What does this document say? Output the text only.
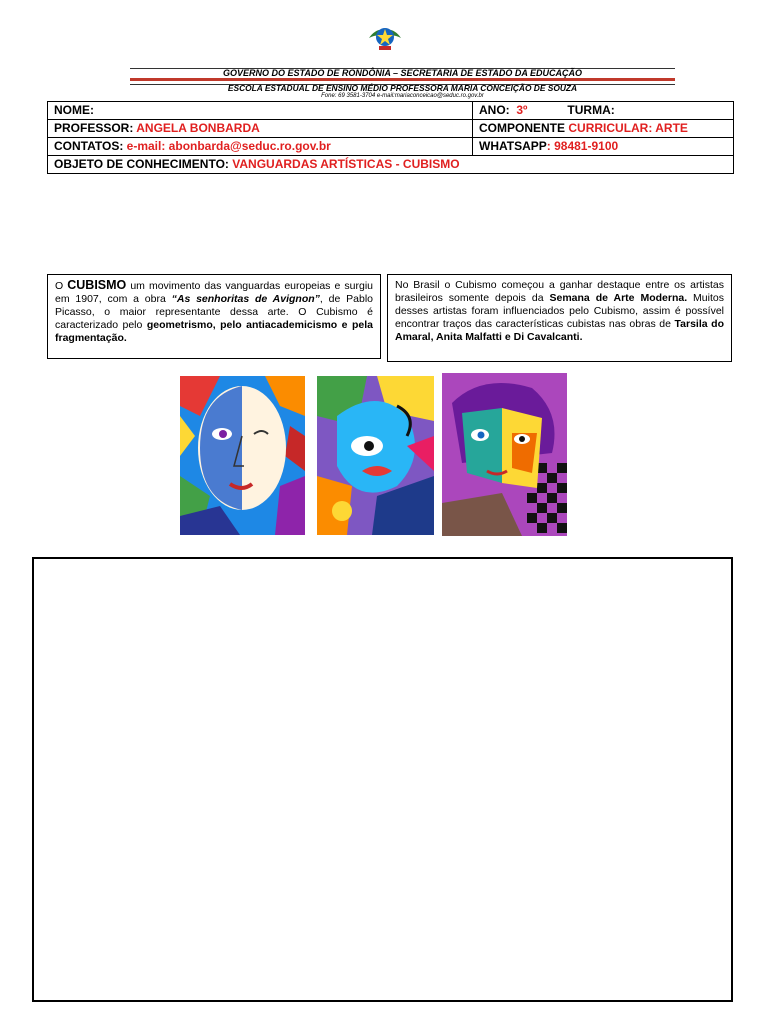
GOVERNO DO ESTADO DE RONDÔNIA – SECRETARIA DE ESTADO DA EDUCAÇÃO
ESCOLA ESTADUAL DE ENSINO MÉDIO PROFESSORA MARIA CONCEIÇÃO DE SOUZA
Fone: 69 3581-3704 e-mail:mariaconceicao@seduc.ro.gov.br
NOME:	ANO: 3º TURMA:
PROFESSOR: ANGELA BONBARDA	COMPONENTE CURRICULAR: ARTE
CONTATOS: e-mail: abonbarda@seduc.ro.gov.br	WHATSAPP: 98481-9100
OBJETO DE CONHECIMENTO: VANGUARDAS ARTÍSTICAS - CUBISMO	
O CUBISMO um movimento das vanguardas europeias e surgiu em 1907, com a obra “As senhoritas de Avignon”, de Pablo Picasso, o maior representante dessa arte. O Cubismo é caracterizado pelo geometrismo, pelo antiacademicismo e pela fragmentação.
No Brasil o Cubismo começou a ganhar destaque entre os artistas brasileiros somente depois da Semana de Arte Moderna. Muitos desses artistas foram influenciados pelo Cubismo, assim é possível encontrar traços das características cubistas nas obras de Tarsila do Amaral, Anita Malfatti e Di Cavalcanti.
